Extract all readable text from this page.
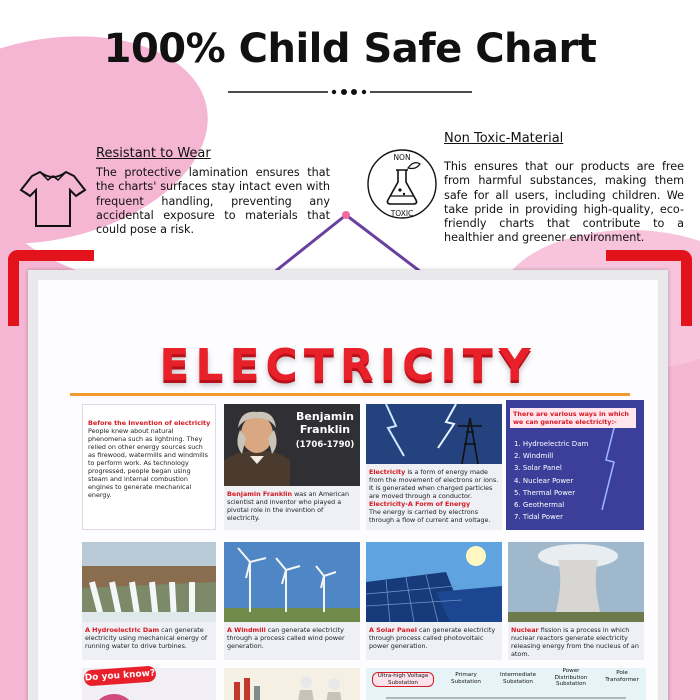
100% Child Safe Chart
Resistant to Wear

The protective lamination ensures that the charts' surfaces stay intact even with frequent handling, preventing any accidental exposure to materials that could pose a risk.

NON
TOXIC
Non Toxic-Material

This ensures that our products are free from harmful substances, making them safe for all users, including children. We take pride in providing high-quality, eco-friendly charts that contribute to a healthier and greener environment.

ELECTRICITY
Before the Invention of electricity
People knew about natural phenomena such as lightning. They relied on other energy sources such as firewood, watermills and windmills to perform work. As technology progressed, people began using steam and internal combustion engines to generate mechanical energy.
Benjamin Franklin
(1706-1790)
Benjamin Franklin was an American scientist and inventor who played a pivotal role in the invention of electricity.
Electricity is a form of energy made from the movement of electrons or ions. It is generated when charged particles are moved through a conductor.
Electricity-A Form of Energy
The energy is carried by electrons through a flow of current and voltage.
There are various ways in which we can generate electricity:-
1. Hydroelectric Dam
2. Windmill
3. Solar Panel
4. Nuclear Power
5. Thermal Power
6. Geothermal
7. Tidal Power
A Hydroelectric Dam can generate electricity using mechanical energy of running water to drive turbines.
A Windmill can generate electricity through a process called wind power generation.
A Solar Panel can generate electricity through process called photovoltaic power generation.
Nuclear fission is a process in which nuclear reactors generate electricity releasing energy from the nucleus of an atom.
Do you know?	Ultra-high Voltage Substation
Primary Substation
Intermediate Substation
Power Distribution Substation
Pole Transformer
